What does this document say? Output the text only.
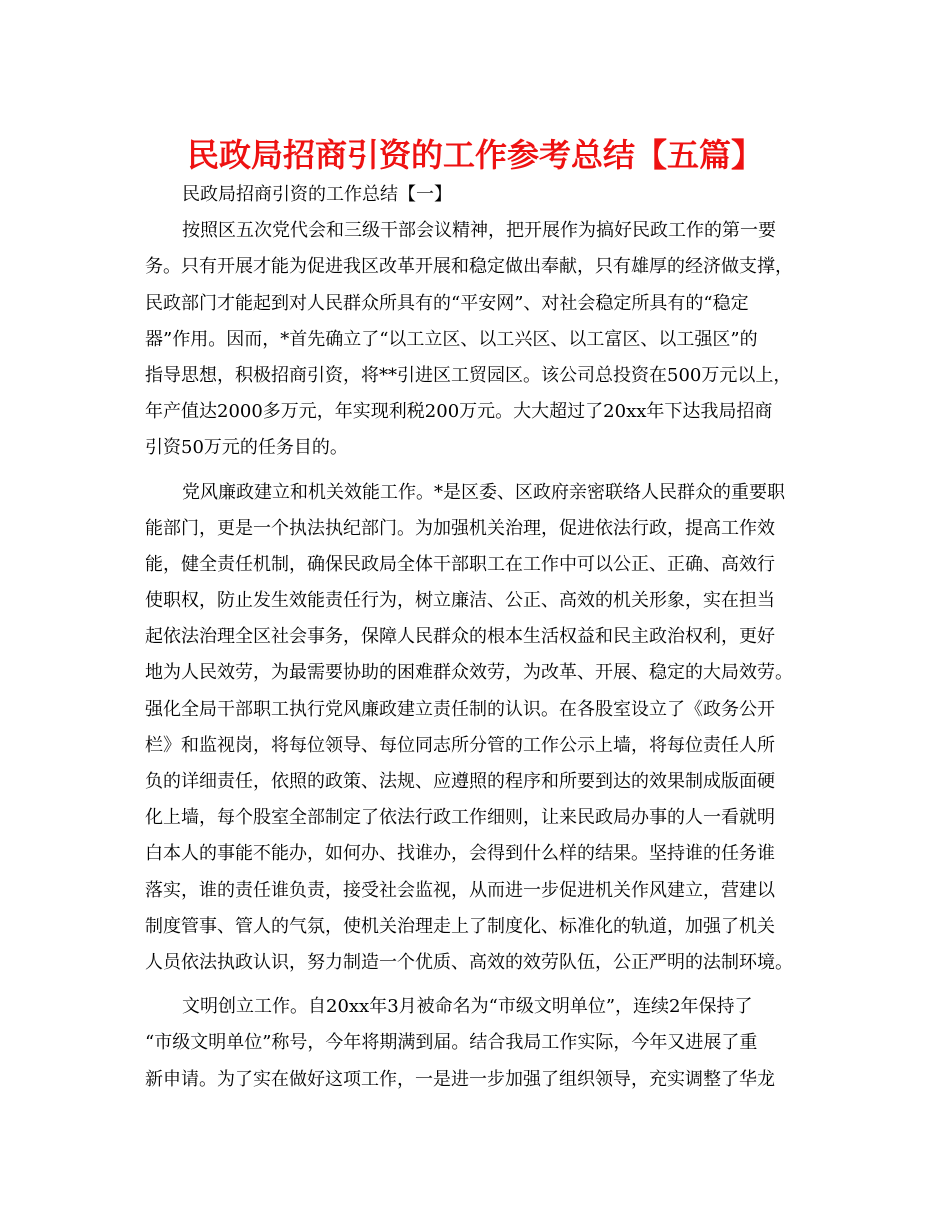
民政局招商引资的工作参考总结【五篇】
民政局招商引资的工作总结【一】
按照区五次党代会和三级干部会议精神，把开展作为搞好民政工作的第一要
务。只有开展才能为促进我区改革开展和稳定做出奉献，只有雄厚的经济做支撑，
民政部门才能起到对人民群众所具有的“平安网”、对社会稳定所具有的“稳定
器”作用。因而，*首先确立了“以工立区、以工兴区、以工富区、以工强区”的
指导思想，积极招商引资，将**引进区工贸园区。该公司总投资在500万元以上，
年产值达2000多万元，年实现利税200万元。大大超过了20xx年下达我局招商
引资50万元的任务目的。
党风廉政建立和机关效能工作。*是区委、区政府亲密联络人民群众的重要职
能部门，更是一个执法执纪部门。为加强机关治理，促进依法行政，提高工作效
能，健全责任机制，确保民政局全体干部职工在工作中可以公正、正确、高效行
使职权，防止发生效能责任行为，树立廉洁、公正、高效的机关形象，实在担当
起依法治理全区社会事务，保障人民群众的根本生活权益和民主政治权利，更好
地为人民效劳，为最需要协助的困难群众效劳，为改革、开展、稳定的大局效劳。
强化全局干部职工执行党风廉政建立责任制的认识。在各股室设立了《政务公开
栏》和监视岗，将每位领导、每位同志所分管的工作公示上墙，将每位责任人所
负的详细责任，依照的政策、法规、应遵照的程序和所要到达的效果制成版面硬
化上墙，每个股室全部制定了依法行政工作细则，让来民政局办事的人一看就明
白本人的事能不能办，如何办、找谁办，会得到什么样的结果。坚持谁的任务谁
落实，谁的责任谁负责，接受社会监视，从而进一步促进机关作风建立，营建以
制度管事、管人的气氛，使机关治理走上了制度化、标准化的轨道，加强了机关
人员依法执政认识，努力制造一个优质、高效的效劳队伍，公正严明的法制环境。
文明创立工作。自20xx年3月被命名为“市级文明单位”，连续2年保持了
“市级文明单位”称号，今年将期满到届。结合我局工作实际，今年又进展了重
新申请。为了实在做好这项工作，一是进一步加强了组织领导，充实调整了华龙
